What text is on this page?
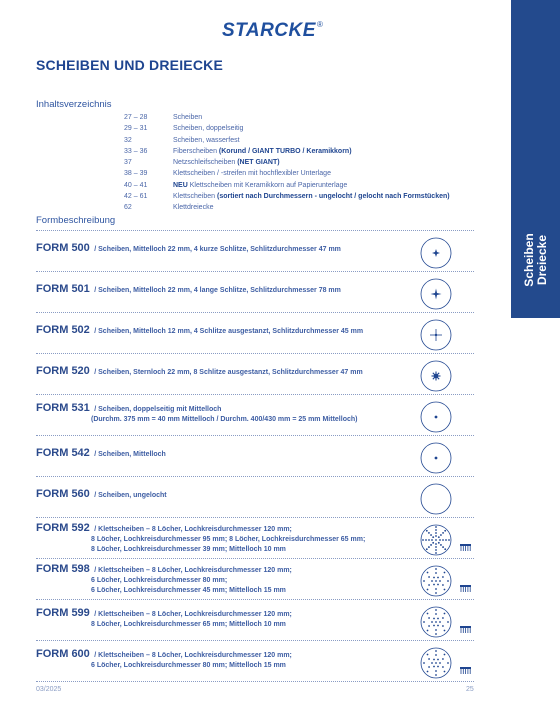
STARCKE ®
Scheiben Dreiecke
SCHEIBEN UND DREIECKE
Inhaltsverzeichnis
27 – 28	Scheiben
29 – 31	Scheiben, doppelseitig
32	Scheiben, wasserfest
33 – 36	Fiberscheiben (Korund / GIANT TURBO / Keramikkorn)
37	Netzschleifscheiben (NET GIANT)
38 – 39	Klettscheiben / -streifen mit hochflexibler Unterlage
40 – 41	NEU Klettscheiben mit Keramikkorn auf Papierunterlage
42 – 61	Klettscheiben (sortiert nach Durchmessern - ungelocht / gelocht nach Formstücken)
62	Klettdreiecke
Formbeschreibung
FORM 500 / Scheiben, Mittelloch 22 mm, 4 kurze Schlitze, Schlitzdurchmesser 47 mm
FORM 501 / Scheiben, Mittelloch 22 mm, 4 lange Schlitze, Schlitzdurchmesser 78 mm
FORM 502 / Scheiben, Mittelloch 12 mm, 4 Schlitze ausgestanzt, Schlitzdurchmesser 45 mm
FORM 520 / Scheiben, Sternloch 22 mm, 8 Schlitze ausgestanzt, Schlitzdurchmesser 47 mm
FORM 531 / Scheiben, doppelseitig mit Mittelloch
(Durchm. 375 mm = 40 mm Mittelloch / Durchm. 400/430 mm = 25 mm Mittelloch)
FORM 542 / Scheiben, Mittelloch
FORM 560 / Scheiben, ungelocht
FORM 592 / Klettscheiben – 8 Löcher, Lochkreisdurchmesser 120 mm;
8 Löcher, Lochkreisdurchmesser 95 mm; 8 Löcher, Lochkreisdurchmesser 65 mm;
8 Löcher, Lochkreisdurchmesser 39 mm; Mittelloch 10 mm
FORM 598 / Klettscheiben – 8 Löcher, Lochkreisdurchmesser 120 mm;
6 Löcher, Lochkreisdurchmesser 80 mm;
6 Löcher, Lochkreisdurchmesser 45 mm; Mittelloch 15 mm
FORM 599 / Klettscheiben – 8 Löcher, Lochkreisdurchmesser 120 mm;
8 Löcher, Lochkreisdurchmesser 65 mm; Mittelloch 10 mm
FORM 600 / Klettscheiben – 8 Löcher, Lochkreisdurchmesser 120 mm;
6 Löcher, Lochkreisdurchmesser 80 mm; Mittelloch 15 mm
03/2025	25
